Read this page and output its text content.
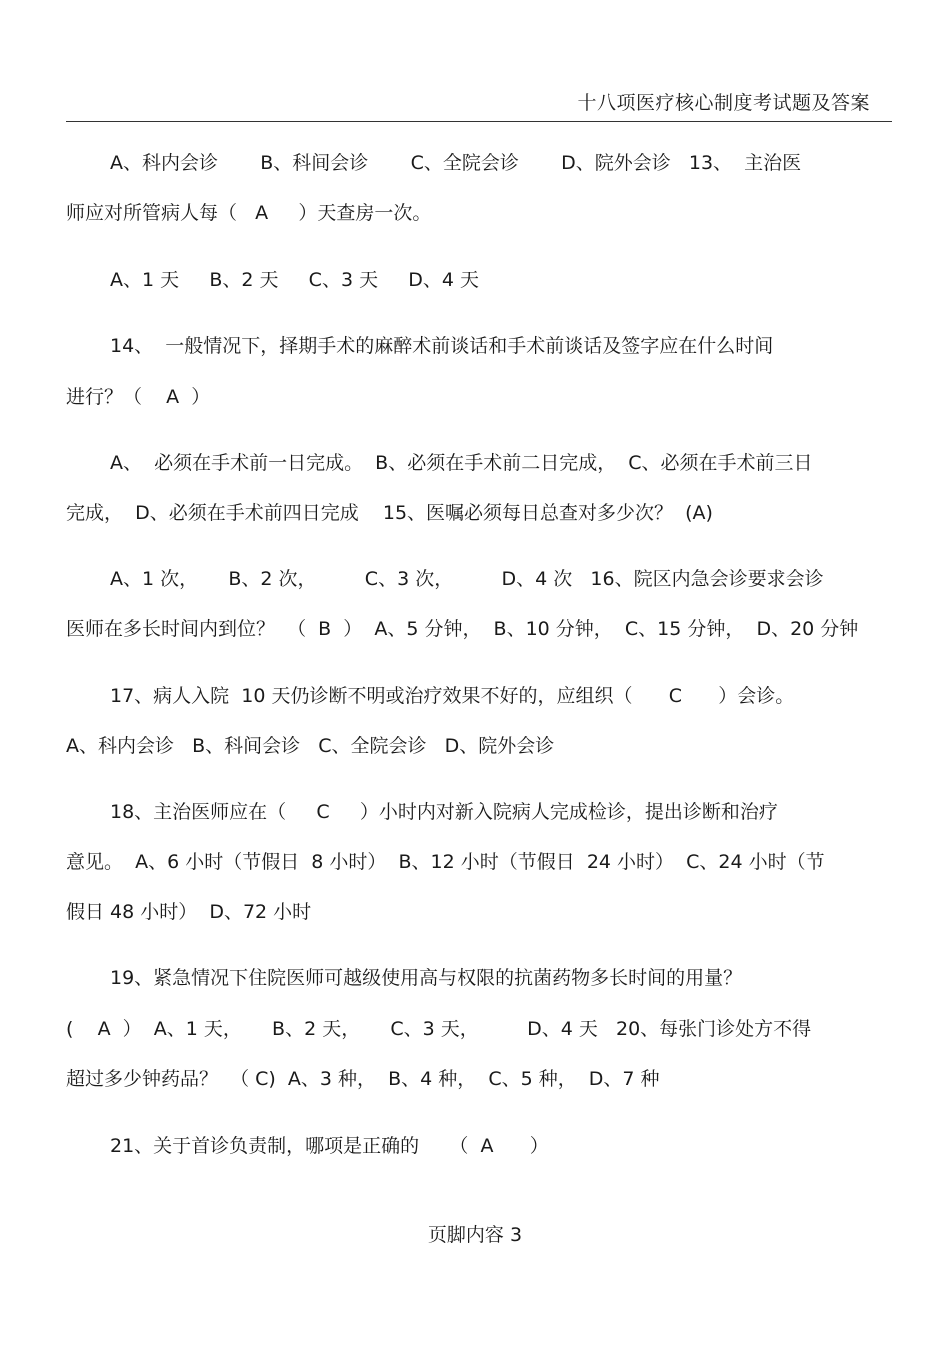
十八项医疗核心制度考试题及答案
A、科内会诊       B、科间会诊       C、全院会诊       D、院外会诊   13、  主治医
师应对所管病人每（   A     ）天查房一次。
A、1 天     B、2 天     C、3 天     D、4 天
14、  一般情况下，择期手术的麻醉术前谈话和手术前谈话及签字应在什么时间
进行？（    A  ）
A、  必须在手术前一日完成。  B、必须在手术前二日完成，  C、必须在手术前三日
完成，  D、必须在手术前四日完成    15、医嘱必须每日总查对多少次？  (A)
A、1 次，     B、2 次，        C、3 次，        D、4 次   16、院区内急会诊要求会诊
医师在多长时间内到位？  （  B  ）  A、5 分钟，  B、10 分钟，  C、15 分钟，  D、20 分钟
17、病人入院  10 天仍诊断不明或治疗效果不好的，应组织（      C      ）会诊。
A、科内会诊   B、科间会诊   C、全院会诊   D、院外会诊
18、主治医师应在（     C     ）小时内对新入院病人完成检诊，提出诊断和治疗
意见。  A、6 小时（节假日  8 小时）  B、12 小时（节假日  24 小时）  C、24 小时（节
假日 48 小时）  D、72 小时
19、紧急情况下住院医师可越级使用高与权限的抗菌药物多长时间的用量？
(    A  ）  A、1 天，     B、2 天，     C、3 天，        D、4 天   20、每张门诊处方不得
超过多少钟药品？  （ C)  A、3 种，  B、4 种，  C、5 种，  D、7 种
21、关于首诊负责制，哪项是正确的     （  A      ）
页脚内容 3
